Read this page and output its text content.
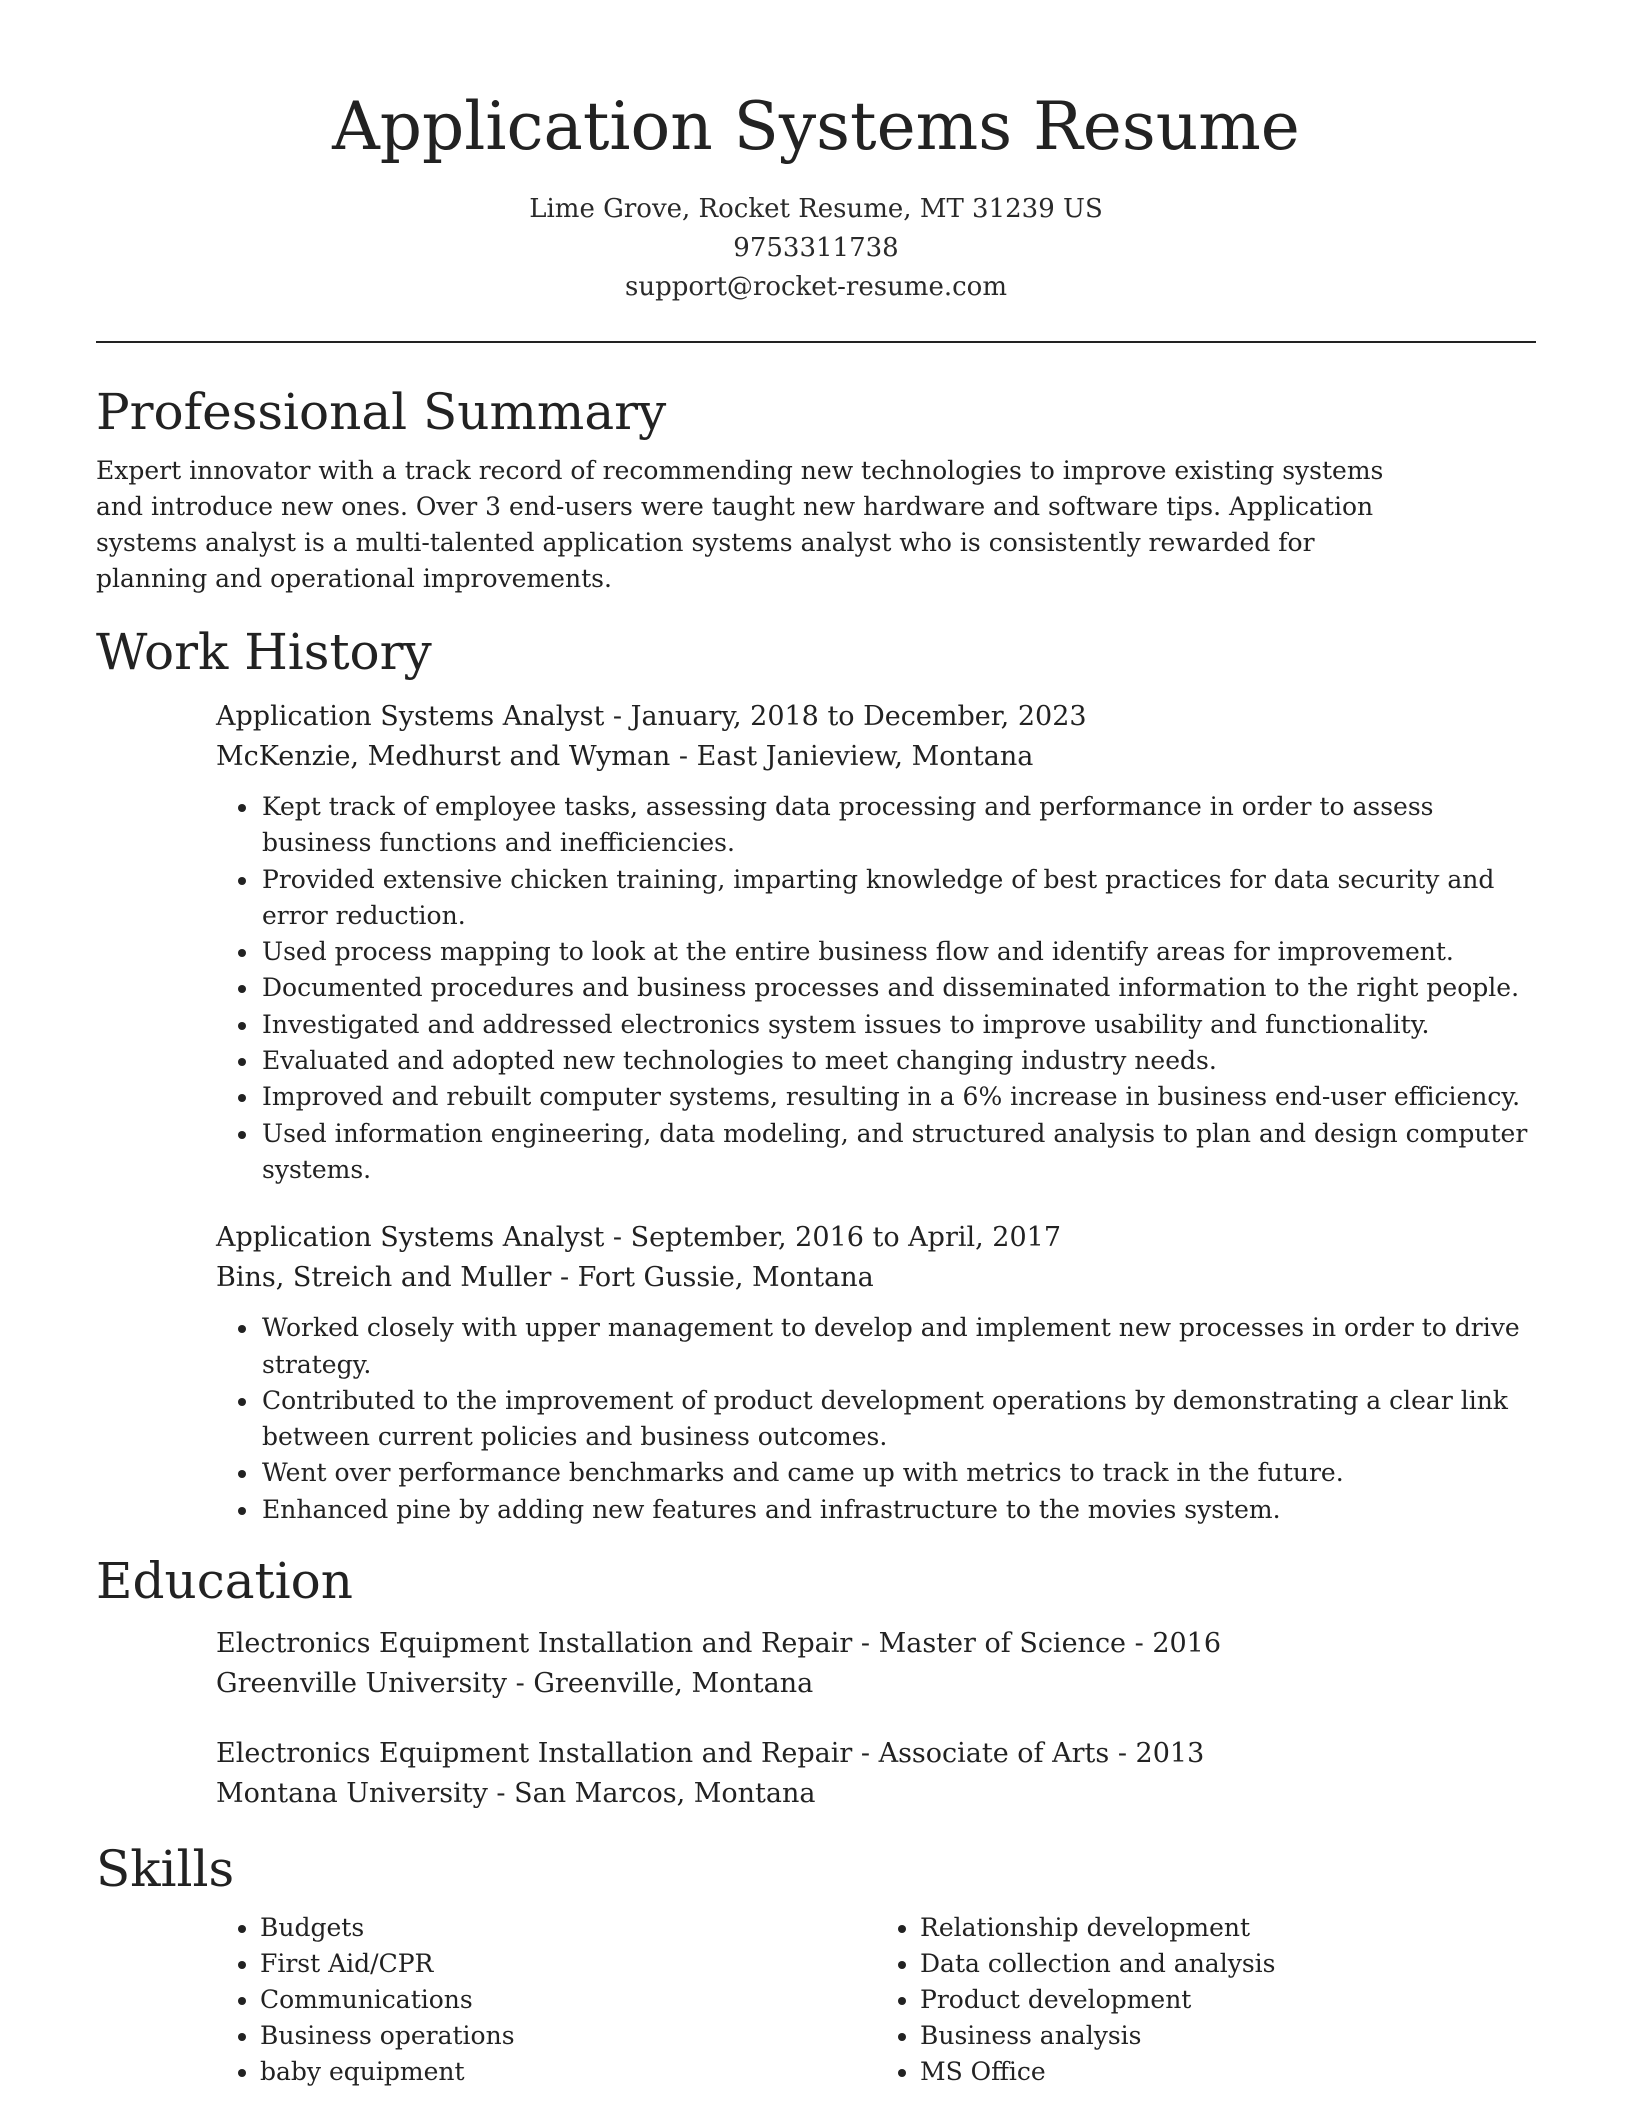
Application Systems Resume
Lime Grove, Rocket Resume, MT 31239 US
9753311738
support@rocket-resume.com
Professional Summary

Expert innovator with a track record of recommending new technologies to improve existing systems and introduce new ones. Over 3 end-users were taught new hardware and software tips. Application systems analyst is a multi-talented application systems analyst who is consistently rewarded for planning and operational improvements.

Work History

Application Systems Analyst - January, 2018 to December, 2023

McKenzie, Medhurst and Wyman - East Janieview, Montana

• Kept track of employee tasks, assessing data processing and performance in order to assess business functions and inefficiencies.
• Provided extensive chicken training, imparting knowledge of best practices for data security and error reduction.
• Used process mapping to look at the entire business flow and identify areas for improvement.
• Documented procedures and business processes and disseminated information to the right people.
• Investigated and addressed electronics system issues to improve usability and functionality.
• Evaluated and adopted new technologies to meet changing industry needs.
• Improved and rebuilt computer systems, resulting in a 6% increase in business end-user efficiency.
• Used information engineering, data modeling, and structured analysis to plan and design computer systems.

Application Systems Analyst - September, 2016 to April, 2017

Bins, Streich and Muller - Fort Gussie, Montana

• Worked closely with upper management to develop and implement new processes in order to drive strategy.
• Contributed to the improvement of product development operations by demonstrating a clear link between current policies and business outcomes.
• Went over performance benchmarks and came up with metrics to track in the future.
• Enhanced pine by adding new features and infrastructure to the movies system.
Education

Electronics Equipment Installation and Repair - Master of Science - 2016

Greenville University - Greenville, Montana

Electronics Equipment Installation and Repair - Associate of Arts - 2013

Montana University - San Marcos, Montana

Skills
• Budgets
• First Aid/CPR
• Communications
• Business operations
• baby equipment
• Relationship development
• Data collection and analysis
• Product development
• Business analysis
• MS Office
